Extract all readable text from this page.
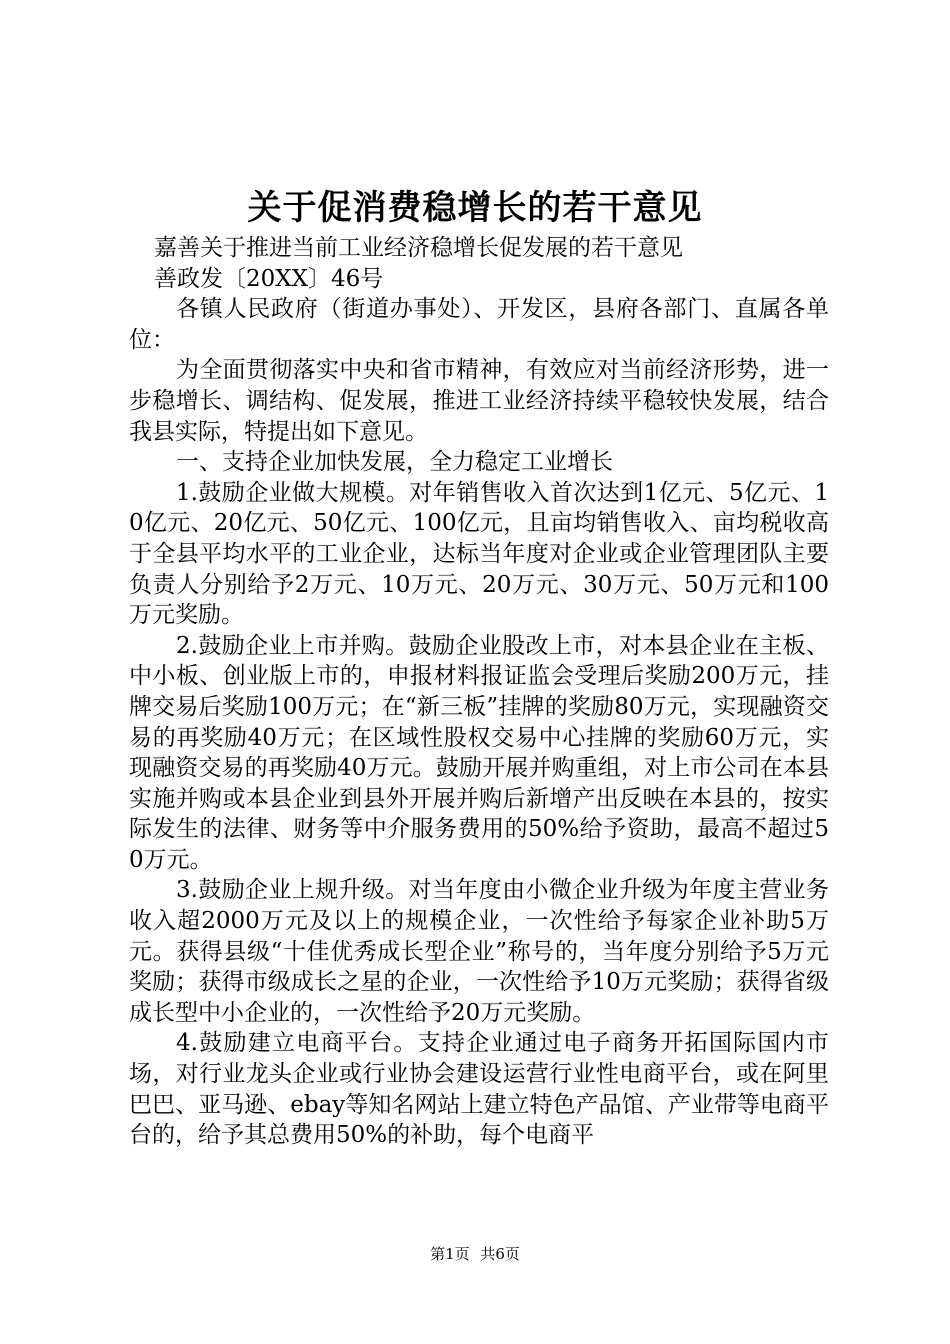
关于促消费稳增长的若干意见

嘉善关于推进当前工业经济稳增长促发展的若干意见

善政发〔20XX〕46号

各镇人民政府（街道办事处）、开发区，县府各部门、直属各单位：

为全面贯彻落实中央和省市精神，有效应对当前经济形势，进一步稳增长、调结构、促发展，推进工业经济持续平稳较快发展，结合我县实际，特提出如下意见。

一、支持企业加快发展，全力稳定工业增长

1.鼓励企业做大规模。对年销售收入首次达到1亿元、5亿元、10亿元、20亿元、50亿元、100亿元，且亩均销售收入、亩均税收高于全县平均水平的工业企业，达标当年度对企业或企业管理团队主要负责人分别给予2万元、10万元、20万元、30万元、50万元和100万元奖励。

2.鼓励企业上市并购。鼓励企业股改上市，对本县企业在主板、中小板、创业版上市的，申报材料报证监会受理后奖励200万元，挂牌交易后奖励100万元；在“新三板”挂牌的奖励80万元，实现融资交易的再奖励40万元；在区域性股权交易中心挂牌的奖励60万元，实现融资交易的再奖励40万元。鼓励开展并购重组，对上市公司在本县实施并购或本县企业到县外开展并购后新增产出反映在本县的，按实际发生的法律、财务等中介服务费用的50%给予资助，最高不超过50万元。

3.鼓励企业上规升级。对当年度由小微企业升级为年度主营业务收入超2000万元及以上的规模企业，一次性给予每家企业补助5万元。获得县级“十佳优秀成长型企业”称号的，当年度分别给予5万元奖励；获得市级成长之星的企业，一次性给予10万元奖励；获得省级成长型中小企业的，一次性给予20万元奖励。

4.鼓励建立电商平台。支持企业通过电子商务开拓国际国内市场，对行业龙头企业或行业协会建设运营行业性电商平台，或在阿里巴巴、亚马逊、ebay等知名网站上建立特色产品馆、产业带等电商平台的，给予其总费用50%的补助，每个电商平

第1页 共6页
